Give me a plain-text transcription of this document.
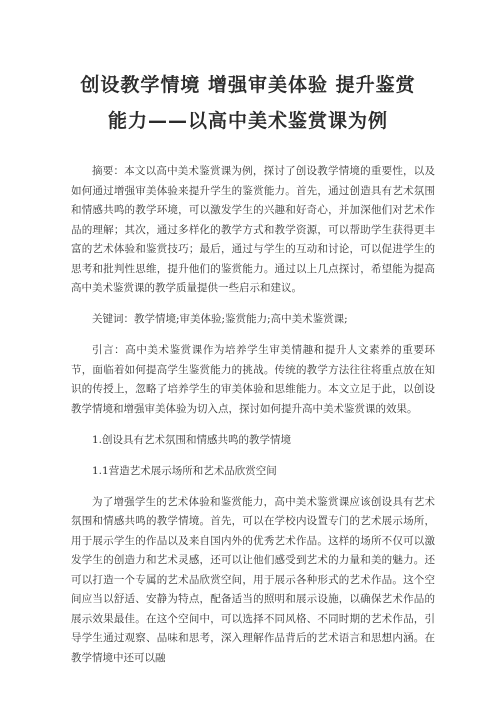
创设教学情境 增强审美体验 提升鉴赏
能力——以高中美术鉴赏课为例

摘要：本文以高中美术鉴赏课为例，探讨了创设教学情境的重要性，以及如何通过增强审美体验来提升学生的鉴赏能力。首先，通过创造具有艺术氛围和情感共鸣的教学环境，可以激发学生的兴趣和好奇心，并加深他们对艺术作品的理解；其次，通过多样化的教学方式和教学资源，可以帮助学生获得更丰富的艺术体验和鉴赏技巧；最后，通过与学生的互动和讨论，可以促进学生的思考和批判性思维，提升他们的鉴赏能力。通过以上几点探讨，希望能为提高高中美术鉴赏课的教学质量提供一些启示和建议。

关键词：教学情境;审美体验;鉴赏能力;高中美术鉴赏课;

引言：高中美术鉴赏课作为培养学生审美情趣和提升人文素养的重要环节，面临着如何提高学生鉴赏能力的挑战。传统的教学方法往往将重点放在知识的传授上，忽略了培养学生的审美体验和思维能力。本文立足于此，以创设教学情境和增强审美体验为切入点，探讨如何提升高中美术鉴赏课的效果。

1.创设具有艺术氛围和情感共鸣的教学情境

1.1营造艺术展示场所和艺术品欣赏空间

为了增强学生的艺术体验和鉴赏能力，高中美术鉴赏课应该创设具有艺术氛围和情感共鸣的教学情境。首先，可以在学校内设置专门的艺术展示场所，用于展示学生的作品以及来自国内外的优秀艺术作品。这样的场所不仅可以激发学生的创造力和艺术灵感，还可以让他们感受到艺术的力量和美的魅力。还可以打造一个专属的艺术品欣赏空间，用于展示各种形式的艺术作品。这个空间应当以舒适、安静为特点，配备适当的照明和展示设施，以确保艺术作品的展示效果最佳。在这个空间中，可以选择不同风格、不同时期的艺术作品，引导学生通过观察、品味和思考，深入理解作品背后的艺术语言和思想内涵。在教学情境中还可以融
